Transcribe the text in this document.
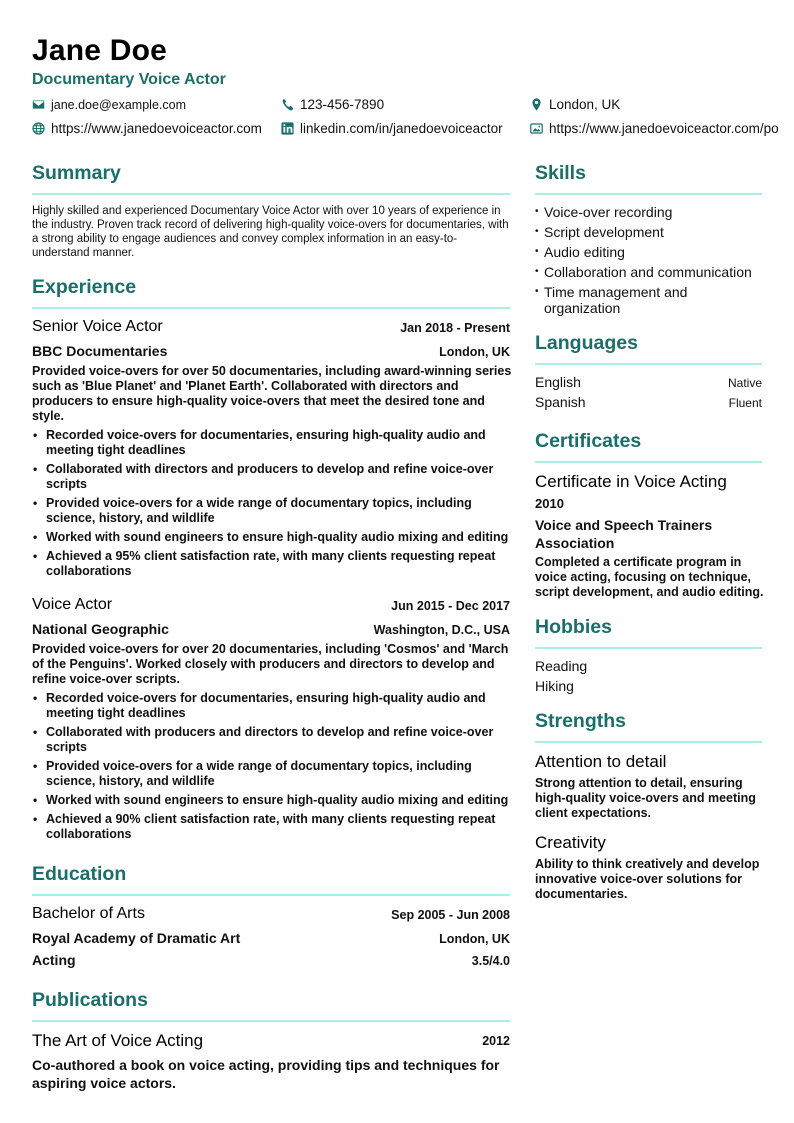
Jane Doe
Documentary Voice Actor
jane.doe@example.com	123-456-7890	London, UK
https://www.janedoevoiceactor.com	linkedin.com/in/janedoevoiceactor	https://www.janedoevoiceactor.com/po
Summary
Highly skilled and experienced Documentary Voice Actor with over 10 years of experience in the industry. Proven track record of delivering high-quality voice-overs for documentaries, with a strong ability to engage audiences and convey complex information in an easy-to-understand manner.
Experience
Senior Voice Actor	Jan 2018 - Present
BBC Documentaries	London, UK
Provided voice-overs for over 50 documentaries, including award-winning series such as 'Blue Planet' and 'Planet Earth'. Collaborated with directors and producers to ensure high-quality voice-overs that meet the desired tone and style.
• Recorded voice-overs for documentaries, ensuring high-quality audio and meeting tight deadlines
• Collaborated with directors and producers to develop and refine voice-over scripts
• Provided voice-overs for a wide range of documentary topics, including science, history, and wildlife
• Worked with sound engineers to ensure high-quality audio mixing and editing
• Achieved a 95% client satisfaction rate, with many clients requesting repeat collaborations
Voice Actor	Jun 2015 - Dec 2017
National Geographic	Washington, D.C., USA
Provided voice-overs for over 20 documentaries, including 'Cosmos' and 'March of the Penguins'. Worked closely with producers and directors to develop and refine voice-over scripts.
• Recorded voice-overs for documentaries, ensuring high-quality audio and meeting tight deadlines
• Collaborated with producers and directors to develop and refine voice-over scripts
• Provided voice-overs for a wide range of documentary topics, including science, history, and wildlife
• Worked with sound engineers to ensure high-quality audio mixing and editing
• Achieved a 90% client satisfaction rate, with many clients requesting repeat collaborations
Education
Bachelor of Arts	Sep 2005 - Jun 2008
Royal Academy of Dramatic Art	London, UK
Acting	3.5/4.0
Publications
The Art of Voice Acting	2012
Co-authored a book on voice acting, providing tips and techniques for aspiring voice actors.
Skills
• Voice-over recording
• Script development
• Audio editing
• Collaboration and communication
• Time management and organization
Languages
English	Native
Spanish	Fluent
Certificates
Certificate in Voice Acting
2010
Voice and Speech Trainers Association
Completed a certificate program in voice acting, focusing on technique, script development, and audio editing.
Hobbies
Reading
Hiking
Strengths
Attention to detail
Strong attention to detail, ensuring high-quality voice-overs and meeting client expectations.
Creativity
Ability to think creatively and develop innovative voice-over solutions for documentaries.
